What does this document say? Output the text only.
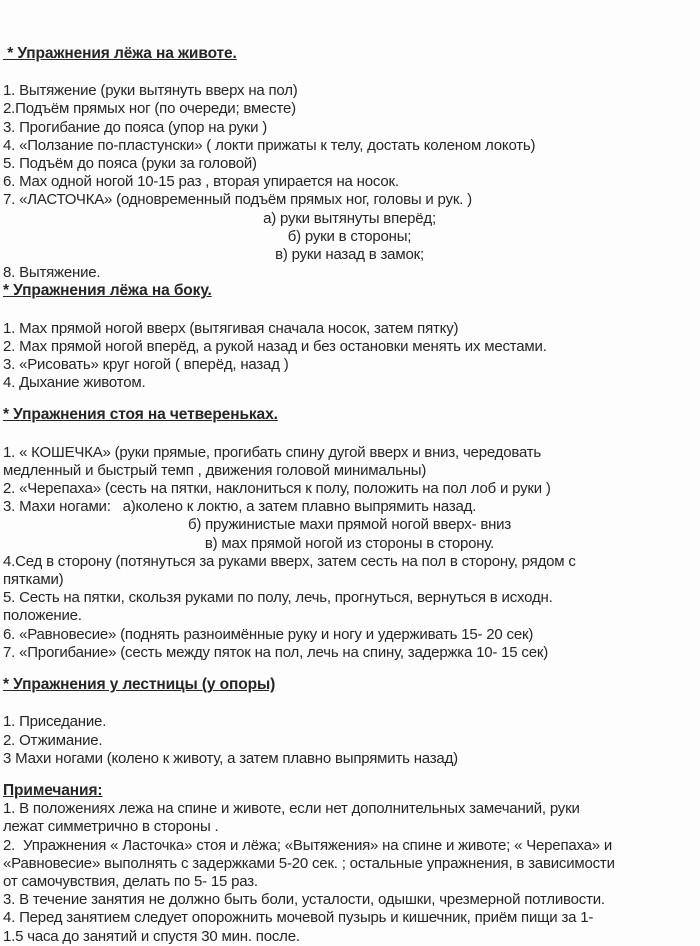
* Упражнения лёжа на животе.
1. Вытяжение (руки вытянуть вверх на пол)
2.Подъём прямых ног (по очереди; вместе)
3. Прогибание до пояса (упор на руки )
4. «Ползание по-пластунски» ( локти прижаты к телу, достать коленом локоть)
5. Подъём до пояса (руки за головой)
6. Мах одной ногой 10-15 раз , вторая упирается на носок.
7. «ЛАСТОЧКА» (одновременный подъём прямых ног, головы и рук. )
а) руки вытянуты вперёд;
б) руки в стороны;
в) руки назад в замок;
8. Вытяжение.
* Упражнения лёжа на боку.
1. Мах прямой ногой вверх (вытягивая сначала носок, затем пятку)
2. Мах прямой ногой вперёд, а рукой назад и без остановки менять их местами.
3. «Рисовать» круг ногой ( вперёд, назад )
4. Дыхание животом.
* Упражнения стоя на четвереньках.
1. « КОШЕЧКА» (руки прямые, прогибать спину дугой вверх и вниз, чередовать
медленный и быстрый темп , движения головой минимальны)
2. «Черепаха» (сесть на пятки, наклониться к полу, положить на пол лоб и руки )
3. Махи ногами:   а)колено к локтю, а затем плавно выпрямить назад.
б) пружинистые махи прямой ногой вверх- вниз
в) мах прямой ногой из стороны в сторону.
4.Сед в сторону (потянуться за руками вверх, затем сесть на пол в сторону, рядом с
пятками)
5. Сесть на пятки, скользя руками по полу, лечь, прогнуться, вернуться в исходн.
положение.
6. «Равновесие» (поднять разноимённые руку и ногу и удерживать 15- 20 сек)
7. «Прогибание» (сесть между пяток на пол, лечь на спину, задержка 10- 15 сек)
* Упражнения у лестницы (у опоры)
1. Приседание.
2. Отжимание.
3 Махи ногами (колено к животу, а затем плавно выпрямить назад)
Примечания:
1. В положениях лежа на спине и животе, если нет дополнительных замечаний, руки
лежат симметрично в стороны .
2.  Упражнения « Ласточка» стоя и лёжа; «Вытяжения» на спине и животе; « Черепаха» и
«Равновесие» выполнять с задержками 5-20 сек. ; остальные упражнения, в зависимости
от самочувствия, делать по 5- 15 раз.
3. В течение занятия не должно быть боли, усталости, одышки, чрезмерной потливости.
4. Перед занятием следует опорожнить мочевой пузырь и кишечник, приём пищи за 1-
1.5 часа до занятий и спустя 30 мин. после.
